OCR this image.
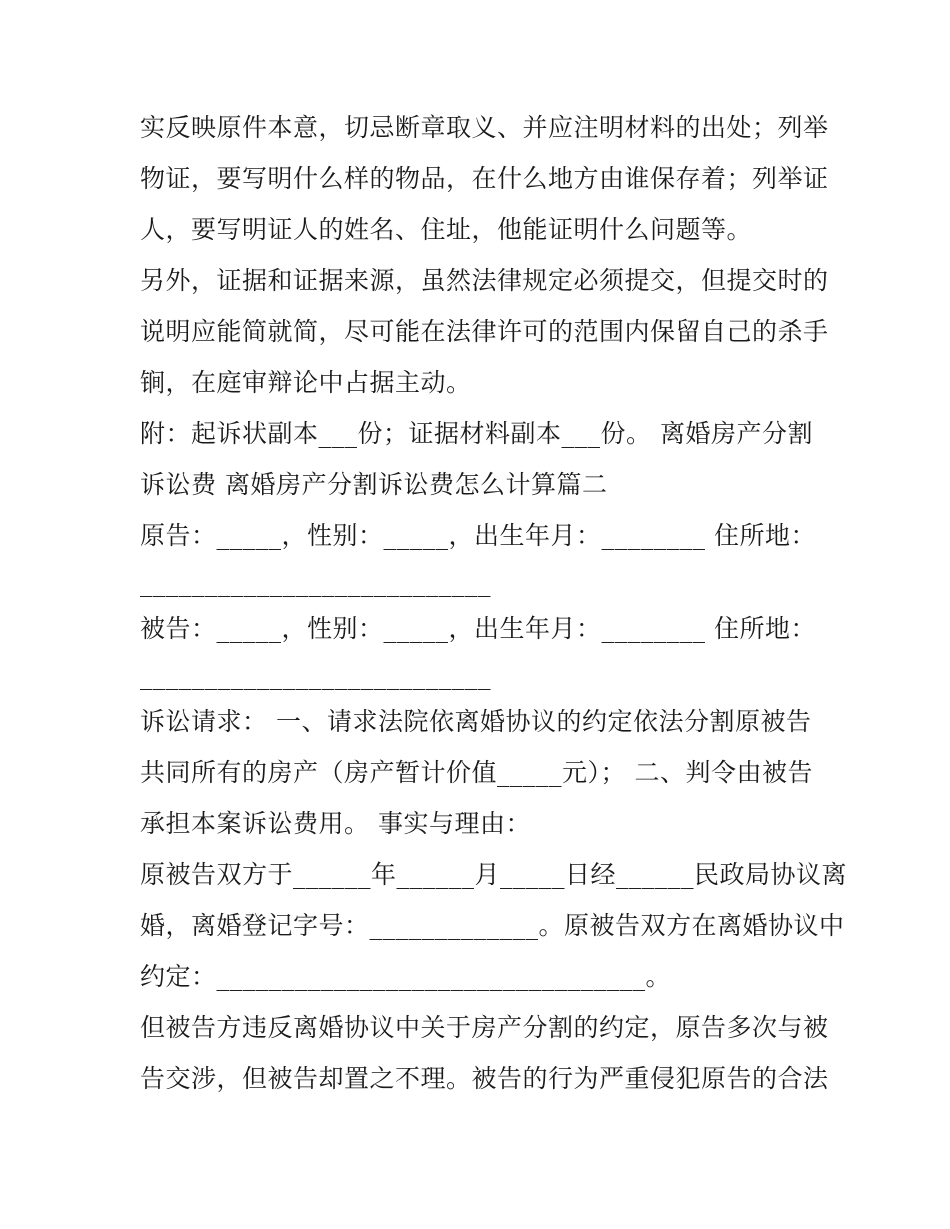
实反映原件本意，切忌断章取义、并应注明材料的出处；列举
物证，要写明什么样的物品，在什么地方由谁保存着；列举证
人，要写明证人的姓名、住址，他能证明什么问题等。
另外，证据和证据来源，虽然法律规定必须提交，但提交时的
说明应能简就简，尽可能在法律许可的范围内保留自己的杀手
锏，在庭审辩论中占据主动。
附：起诉状副本___份；证据材料副本___份。 离婚房产分割
诉讼费 离婚房产分割诉讼费怎么计算篇二
原告：_____，性别：_____，出生年月：________ 住所地：
___________________________
被告：_____，性别：_____，出生年月：________ 住所地：
___________________________
诉讼请求： 一、请求法院依离婚协议的约定依法分割原被告
共同所有的房产（房产暂计价值_____元）； 二、判令由被告
承担本案诉讼费用。 事实与理由：
原被告双方于______年______月_____日经______民政局协议离
婚，离婚登记字号：_____________。原被告双方在离婚协议中
约定：_________________________________。
但被告方违反离婚协议中关于房产分割的约定，原告多次与被
告交涉，但被告却置之不理。被告的行为严重侵犯原告的合法
